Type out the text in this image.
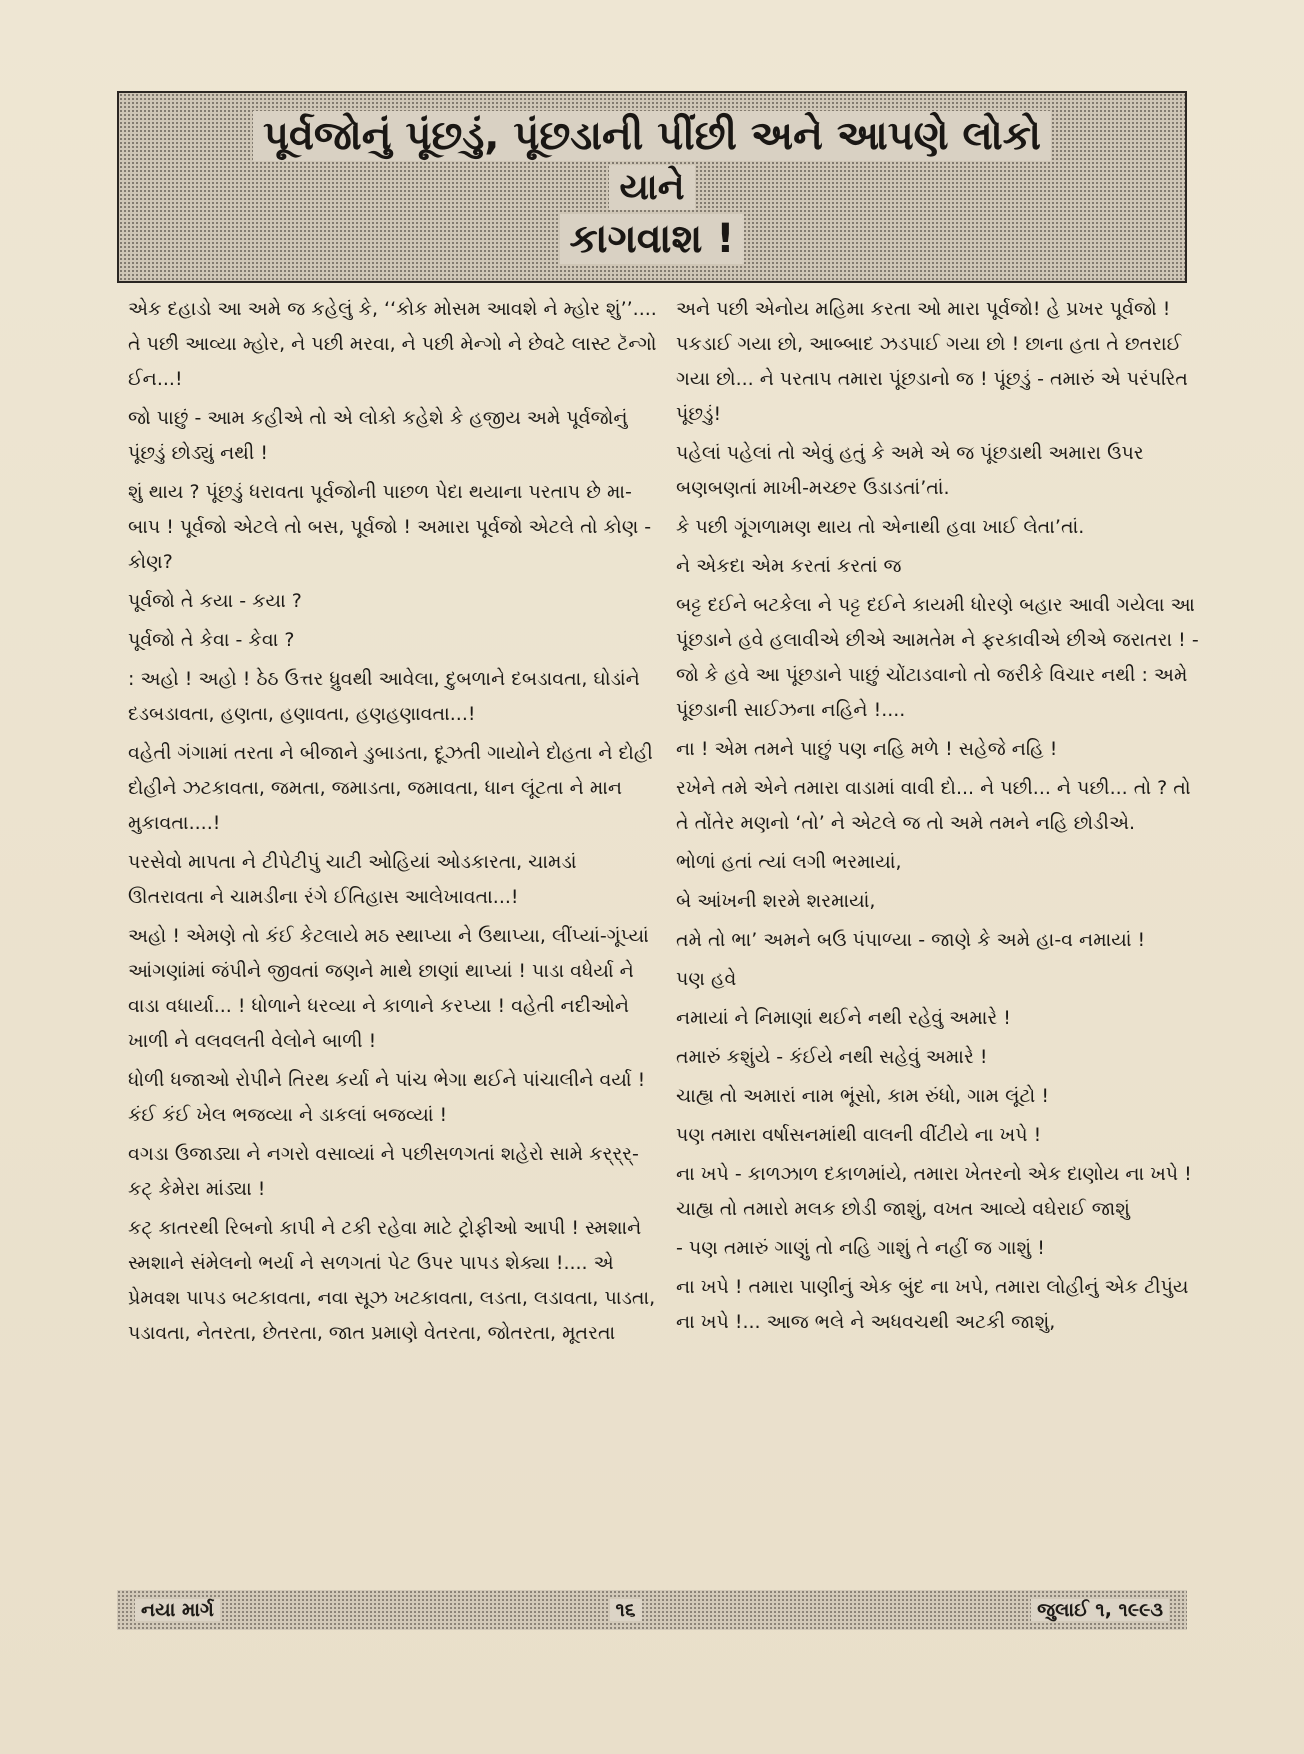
પૂર્વજોનું પૂંછડું, પૂંછડાની પીંછી અને આપણે લોકો
યાને
કાગવાશ !

એક દહાડો આ અમે જ કહેલું કે, ‘‘કોક મોસમ આવશે ને મ્હોર શું’’.... તે પછી આવ્યા મ્હોર, ને પછી મરવા, ને પછી મેન્ગો ને છેવટે લાસ્ટ ટૅન્ગો ઈન...!

જો પાછું - આમ કહીએ તો એ લોકો કહેશે કે હજીય અમે પૂર્વજોનું પૂંછડું છોડ્યું નથી !

શું થાય ? પૂંછડું ધરાવતા પૂર્વજોની પાછળ પેદા થયાના પરતાપ છે મા-બાપ ! પૂર્વજો એટલે તો બસ, પૂર્વજો ! અમારા પૂર્વજો એટલે તો કોણ - કોણ?

પૂર્વજો તે કયા - કયા ?

પૂર્વજો તે કેવા - કેવા ?

: અહો ! અહો ! ઠેઠ ઉત્તર ધ્રુવથી આવેલા, દુબળાને દબડાવતા, ઘોડાંને દડબડાવતા, હણતા, હણાવતા, હણહણાવતા...!

વહેતી ગંગામાં તરતા ને બીજાને ડુબાડતા, દૂઝતી ગાયોને દોહતા ને દોહી દોહીને ઝટકાવતા, જમતા, જમાડતા, જમાવતા, ધાન લૂંટતા ને માન મુકાવતા....!

પરસેવો માપતા ને ટીપેટીપું ચાટી ઓહિયાં ઓડકારતા, ચામડાં ઊતરાવતા ને ચામડીના રંગે ઈતિહાસ આલેખાવતા...!

અહો ! એમણે તો કંઈ કેટલાયે મઠ સ્થાપ્યા ને ઉથાપ્યા, લીંપ્યાં-ગૂંપ્યાં આંગણાંમાં જંપીને જીવતાં જણને માથે છાણાં થાપ્યાં ! પાડા વધેર્યા ને વાડા વધાર્યા... ! ધોળાને ધરવ્યા ને કાળાને કરપ્યા ! વહેતી નદીઓને ખાળી ને વલવલતી વેલોને બાળી !

ધોળી ધજાઓ રોપીને તિરથ કર્યા ને પાંચ ભેગા થઈને પાંચાલીને વર્યા ! કંઈ કંઈ ખેલ ભજવ્યા ને ડાકલાં બજવ્યાં !

વગડા ઉજાડ્યા ને નગરો વસાવ્યાં ને પછીસળગતાં શહેરો સામે કર્‌ર્‌ર્‌-કટ્ કેમેરા માંડ્યા !

કટ્ કાતરથી રિબનો કાપી ને ટકી રહેવા માટે ટ્રોફીઓ આપી ! સ્મશાને સ્મશાને સંમેલનો ભર્યા ને સળગતાં પેટ ઉપર પાપડ શેક્યા !.... એ પ્રેમવશ પાપડ બટકાવતા, નવા સૂઝ ખટકાવતા, લડતા, લડાવતા, પાડતા, પડાવતા, નેતરતા, છેતરતા, જાત પ્રમાણે વેતરતા, જોતરતા, મૂતરતા

અને પછી એનોય મહિમા કરતા ઓ મારા પૂર્વજો! હે પ્રખર પૂર્વજો ! પકડાઈ ગયા છો, આબ્બાદ ઝડપાઈ ગયા છો ! છાના હતા તે છતરાઈ ગયા છો... ને પરતાપ તમારા પૂંછડાનો જ ! પૂંછડું - તમારું એ પરંપરિત પૂંછડું!

પહેલાં પહેલાં તો એવું હતું કે અમે એ જ પૂંછડાથી અમારા ઉપર બણબણતાં માખી-મચ્છર ઉડાડતાં’તાં.

કે પછી ગૂંગળામણ થાય તો એનાથી હવા ખાઈ લેતા’તાં.

ને એકદા એમ કરતાં કરતાં જ

બટ્ટ દઈને બટકેલા ને પટ્ટ દઈને કાયમી ધોરણે બહાર આવી ગયેલા આ પૂંછડાને હવે હલાવીએ છીએ આમતેમ ને ફરકાવીએ છીએ જરાતરા ! - જો કે હવે આ પૂંછડાને પાછું ચોંટાડવાનો તો જરીકે વિચાર નથી : અમે પૂંછડાની સાઈઝના નહિને !....

ના ! એમ તમને પાછું પણ નહિ મળે ! સહેજે નહિ !

રખેને તમે એને તમારા વાડામાં વાવી દો... ને પછી... ને પછી... તો ? તો તે તોંતેર મણનો ‘તો’ ને એટલે જ તો અમે તમને નહિ છોડીએ.

ભોળાં હતાં ત્યાં લગી ભરમાયાં,

બે આંખની શરમે શરમાયાં,

તમે તો ભા’ અમને બઉ પંપાળ્યા - જાણે કે અમે હા-વ નમાયાં !

પણ હવે

નમાયાં ને નિમાણાં થઈને નથી રહેવું અમારે !

તમારું કશુંયે - કંઈયે નથી સહેવું અમારે !

ચાહ્ય તો અમારાં નામ ભૂંસો, કામ રુંધો, ગામ લૂંટો !

પણ તમારા વર્ષાસનમાંથી વાલની વીંટીયે ના ખપે !

ના ખપે - કાળઝાળ દકાળમાંયે, તમારા ખેતરનો એક દાણોય ના ખપે ! ચાહ્ય તો તમારો મલક છોડી જાશું, વખત આવ્યે વઘેરાઈ જાશું

- પણ તમારું ગાણું તો નહિ ગાશું તે નહીં જ ગાશું !

ના ખપે ! તમારા પાણીનું એક બુંદ ના ખપે, તમારા લોહીનું એક ટીપુંય ના ખપે !... આજ ભલે ને અધવચથી અટકી જાશું,

નયા માર્ગ	૧૬	જુલાઈ ૧, ૧૯૯૩
